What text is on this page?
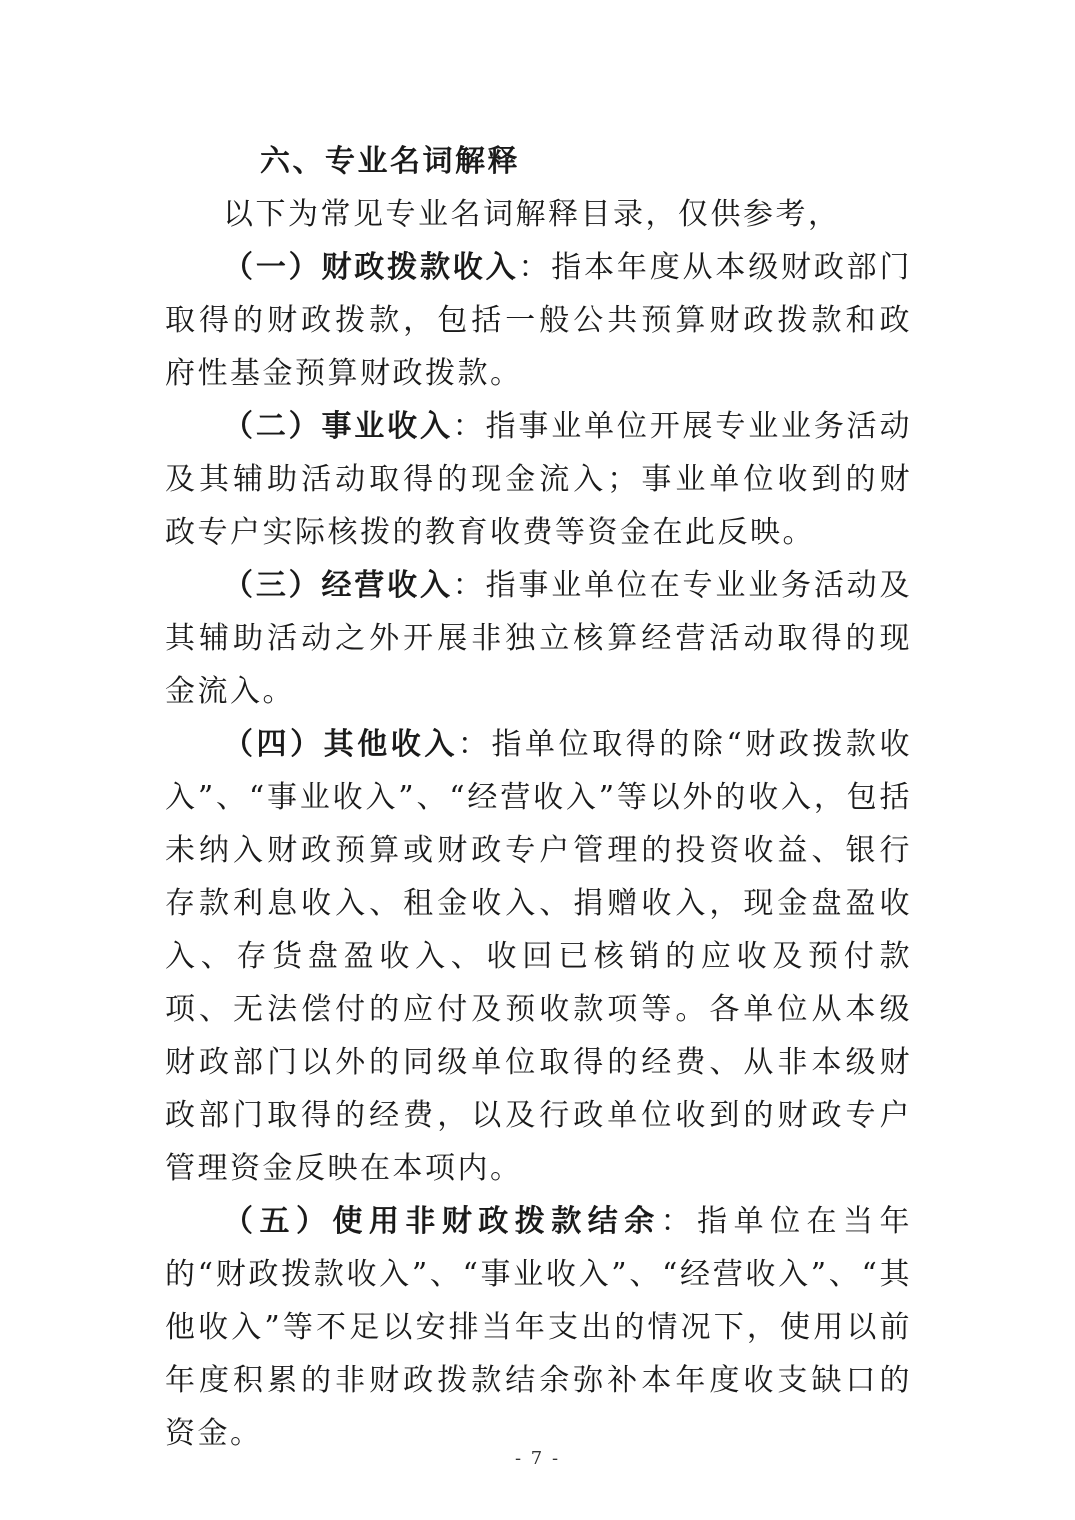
六、专业名词解释

以下为常见专业名词解释目录，仅供参考，

（一）财政拨款收入：指本年度从本级财政部门取得的财政拨款，包括一般公共预算财政拨款和政府性基金预算财政拨款。

（二）事业收入：指事业单位开展专业业务活动及其辅助活动取得的现金流入；事业单位收到的财政专户实际核拨的教育收费等资金在此反映。

（三）经营收入：指事业单位在专业业务活动及其辅助活动之外开展非独立核算经营活动取得的现金流入。

（四）其他收入：指单位取得的除“财政拨款收入”、“事业收入”、“经营收入”等以外的收入，包括未纳入财政预算或财政专户管理的投资收益、银行存款利息收入、租金收入、捐赠收入，现金盘盈收入、存货盘盈收入、收回已核销的应收及预付款项、无法偿付的应付及预收款项等。各单位从本级财政部门以外的同级单位取得的经费、从非本级财政部门取得的经费，以及行政单位收到的财政专户管理资金反映在本项内。

（五）使用非财政拨款结余：指单位在当年的“财政拨款收入”、“事业收入”、“经营收入”、“其他收入”等不足以安排当年支出的情况下，使用以前年度积累的非财政拨款结余弥补本年度收支缺口的资金。

- 7 -
